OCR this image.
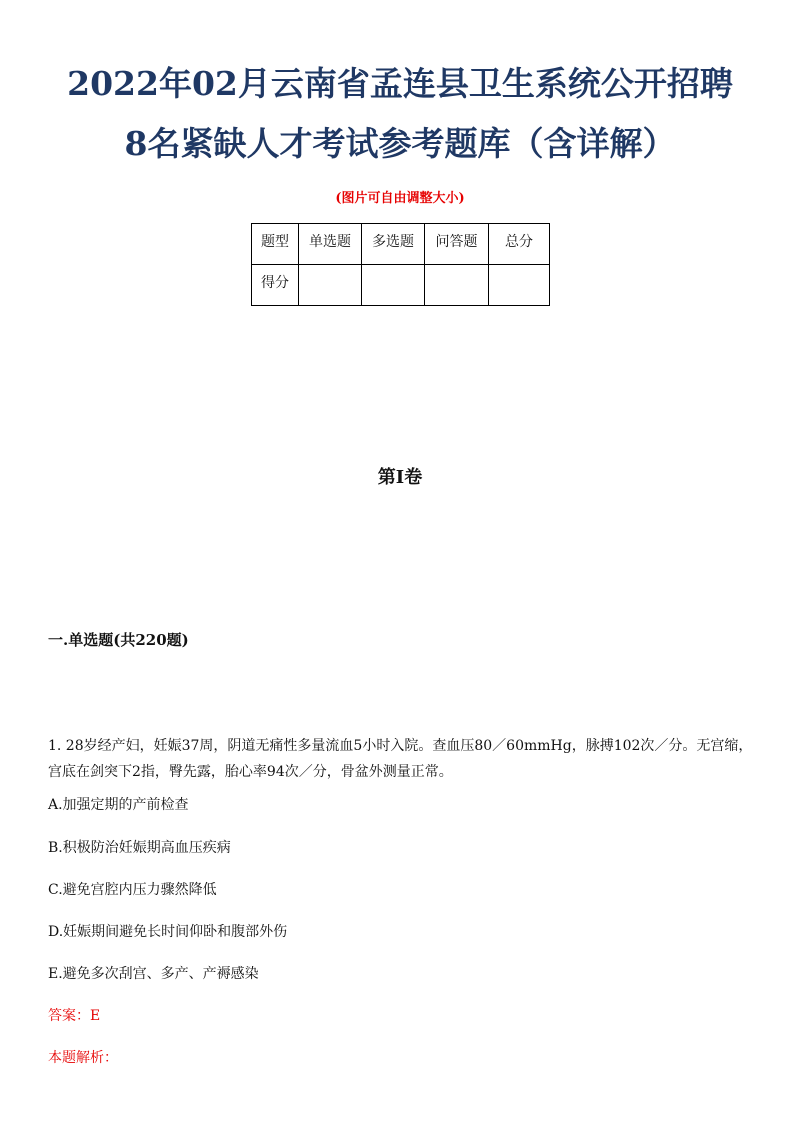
2022年02月云南省孟连县卫生系统公开招聘
8名紧缺人才考试参考题库（含详解）
(图片可自由调整大小)
题型	单选题	多选题	问答题	总分
得分				
第I卷
一.单选题(共220题)
1. 28岁经产妇，妊娠37周，阴道无痛性多量流血5小时入院。查血压80／60mmHg，脉搏102次／分。无宫缩，宫底在剑突下2指，臀先露，胎心率94次／分，骨盆外测量正常。
A.加强定期的产前检查
B.积极防治妊娠期高血压疾病
C.避免宫腔内压力骤然降低
D.妊娠期间避免长时间仰卧和腹部外伤
E.避免多次刮宫、多产、产褥感染
答案：E
本题解析：
